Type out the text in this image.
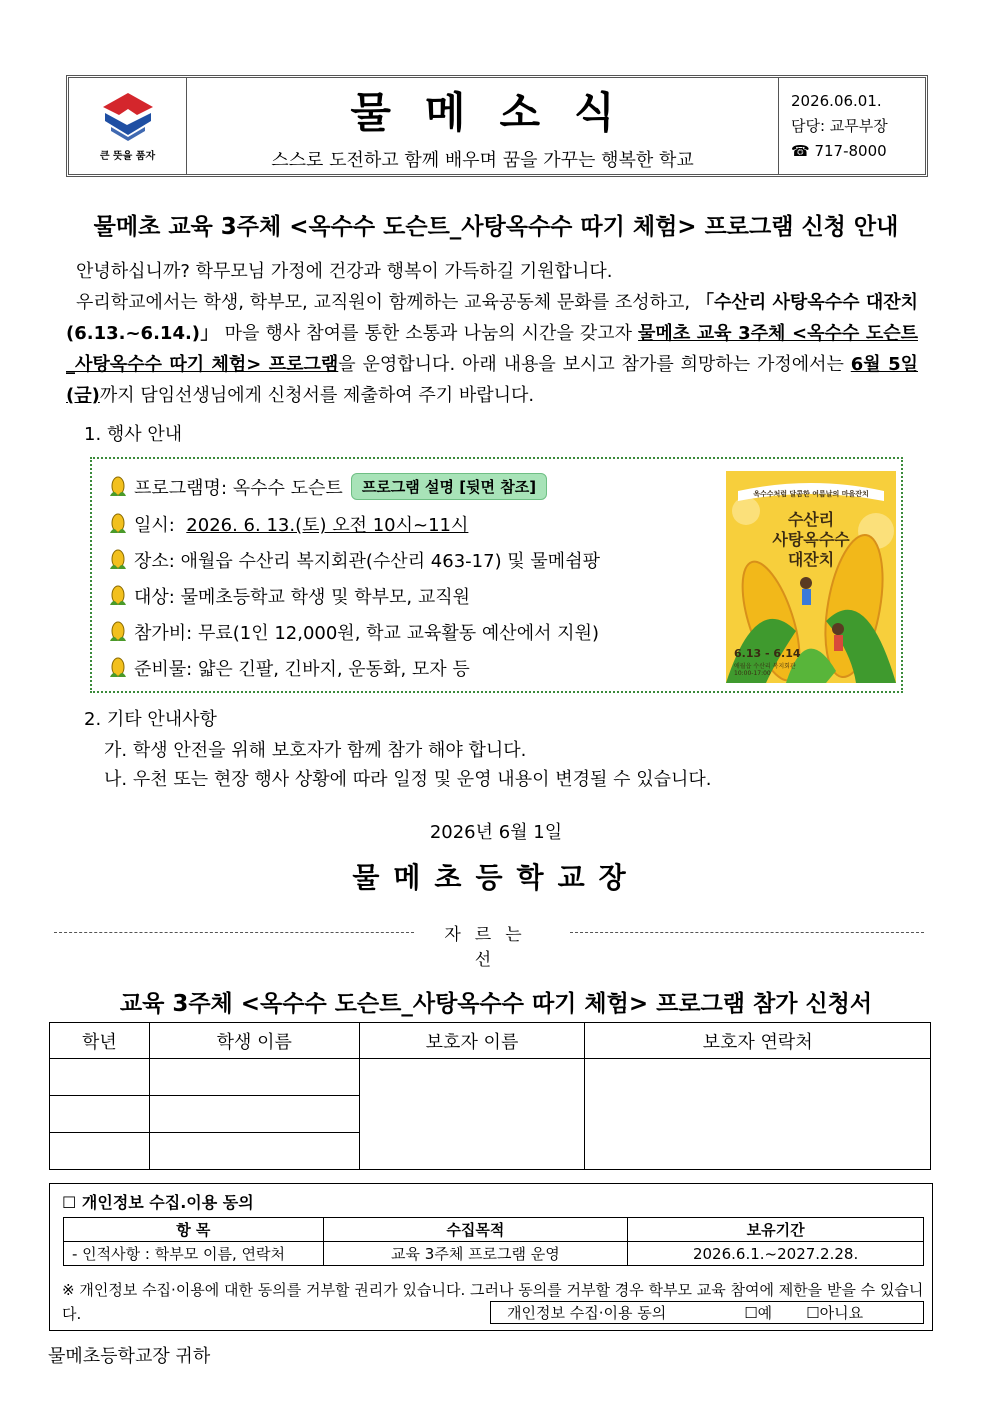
큰 뜻을 품자
물메소식
스스로 도전하고 함께 배우며 꿈을 가꾸는 행복한 학교
2026.06.01.
담당: 교무부장
☎ 717-8000
물메초 교육 3주체 <옥수수 도슨트_사탕옥수수 따기 체험> 프로그램 신청 안내

안녕하십니까? 학무모님 가정에 건강과 행복이 가득하길 기원합니다.

우리학교에서는 학생, 학부모, 교직원이 함께하는 교육공동체 문화를 조성하고, 「수산리 사탕옥수수 대잔치(6.13.~6.14.)」 마을 행사 참여를 통한 소통과 나눔의 시간을 갖고자 물메초 교육 3주체 <옥수수 도슨트_사탕옥수수 따기 체험> 프로그램을 운영합니다. 아래 내용을 보시고 참가를 희망하는 가정에서는 6월 5일(금)까지 담임선생님에게 신청서를 제출하여 주기 바랍니다.

1. 행사 안내
프로그램명:
옥수수 도슨트	프로그램 설명 [뒷면 참조]
일시:
2026. 6. 13.(토) 오전 10시~11시
장소:
애월읍 수산리 복지회관(수산리 463-17) 및 물메쉼팡
대상:
물메초등학교 학생 및 학부모, 교직원
참가비:
무료(1인 12,000원, 학교 교육활동 예산에서 지원)
준비물:
얇은 긴팔, 긴바지, 운동화, 모자 등
옥수수처럼 달콤한 여름날의 마을잔치
수산리
사탕옥수수
대잔치
6.13 - 6.14
애월읍 수산리 복지회관
10:00-17:00
2. 기타 안내사항
가. 학생 안전을 위해 보호자가 함께 참가 해야 합니다.
나. 우천 또는 현장 행사 상황에 따라 일정 및 운영 내용이 변경될 수 있습니다.
2026년 6월 1일
물메초등학교장
자르는선
교육 3주체 <옥수수 도슨트_사탕옥수수 따기 체험> 프로그램 참가 신청서
학년	학생 이름	보호자 이름	보호자 연락처

☐ 개인정보 수집.이용 동의
항 목	수집목적	보유기간
- 인적사항 : 학부모 이름, 연락처	교육 3주체 프로그램 운영	2026.6.1.~2027.2.28.
※ 개인정보 수집·이용에 대한 동의를 거부할 권리가 있습니다. 그러나 동의를 거부할 경우 학부모 교육 참여에 제한을 받을 수 있습니다.	개인정보 수집·이용 동의	☐예 ☐아니요
물메초등학교장 귀하
